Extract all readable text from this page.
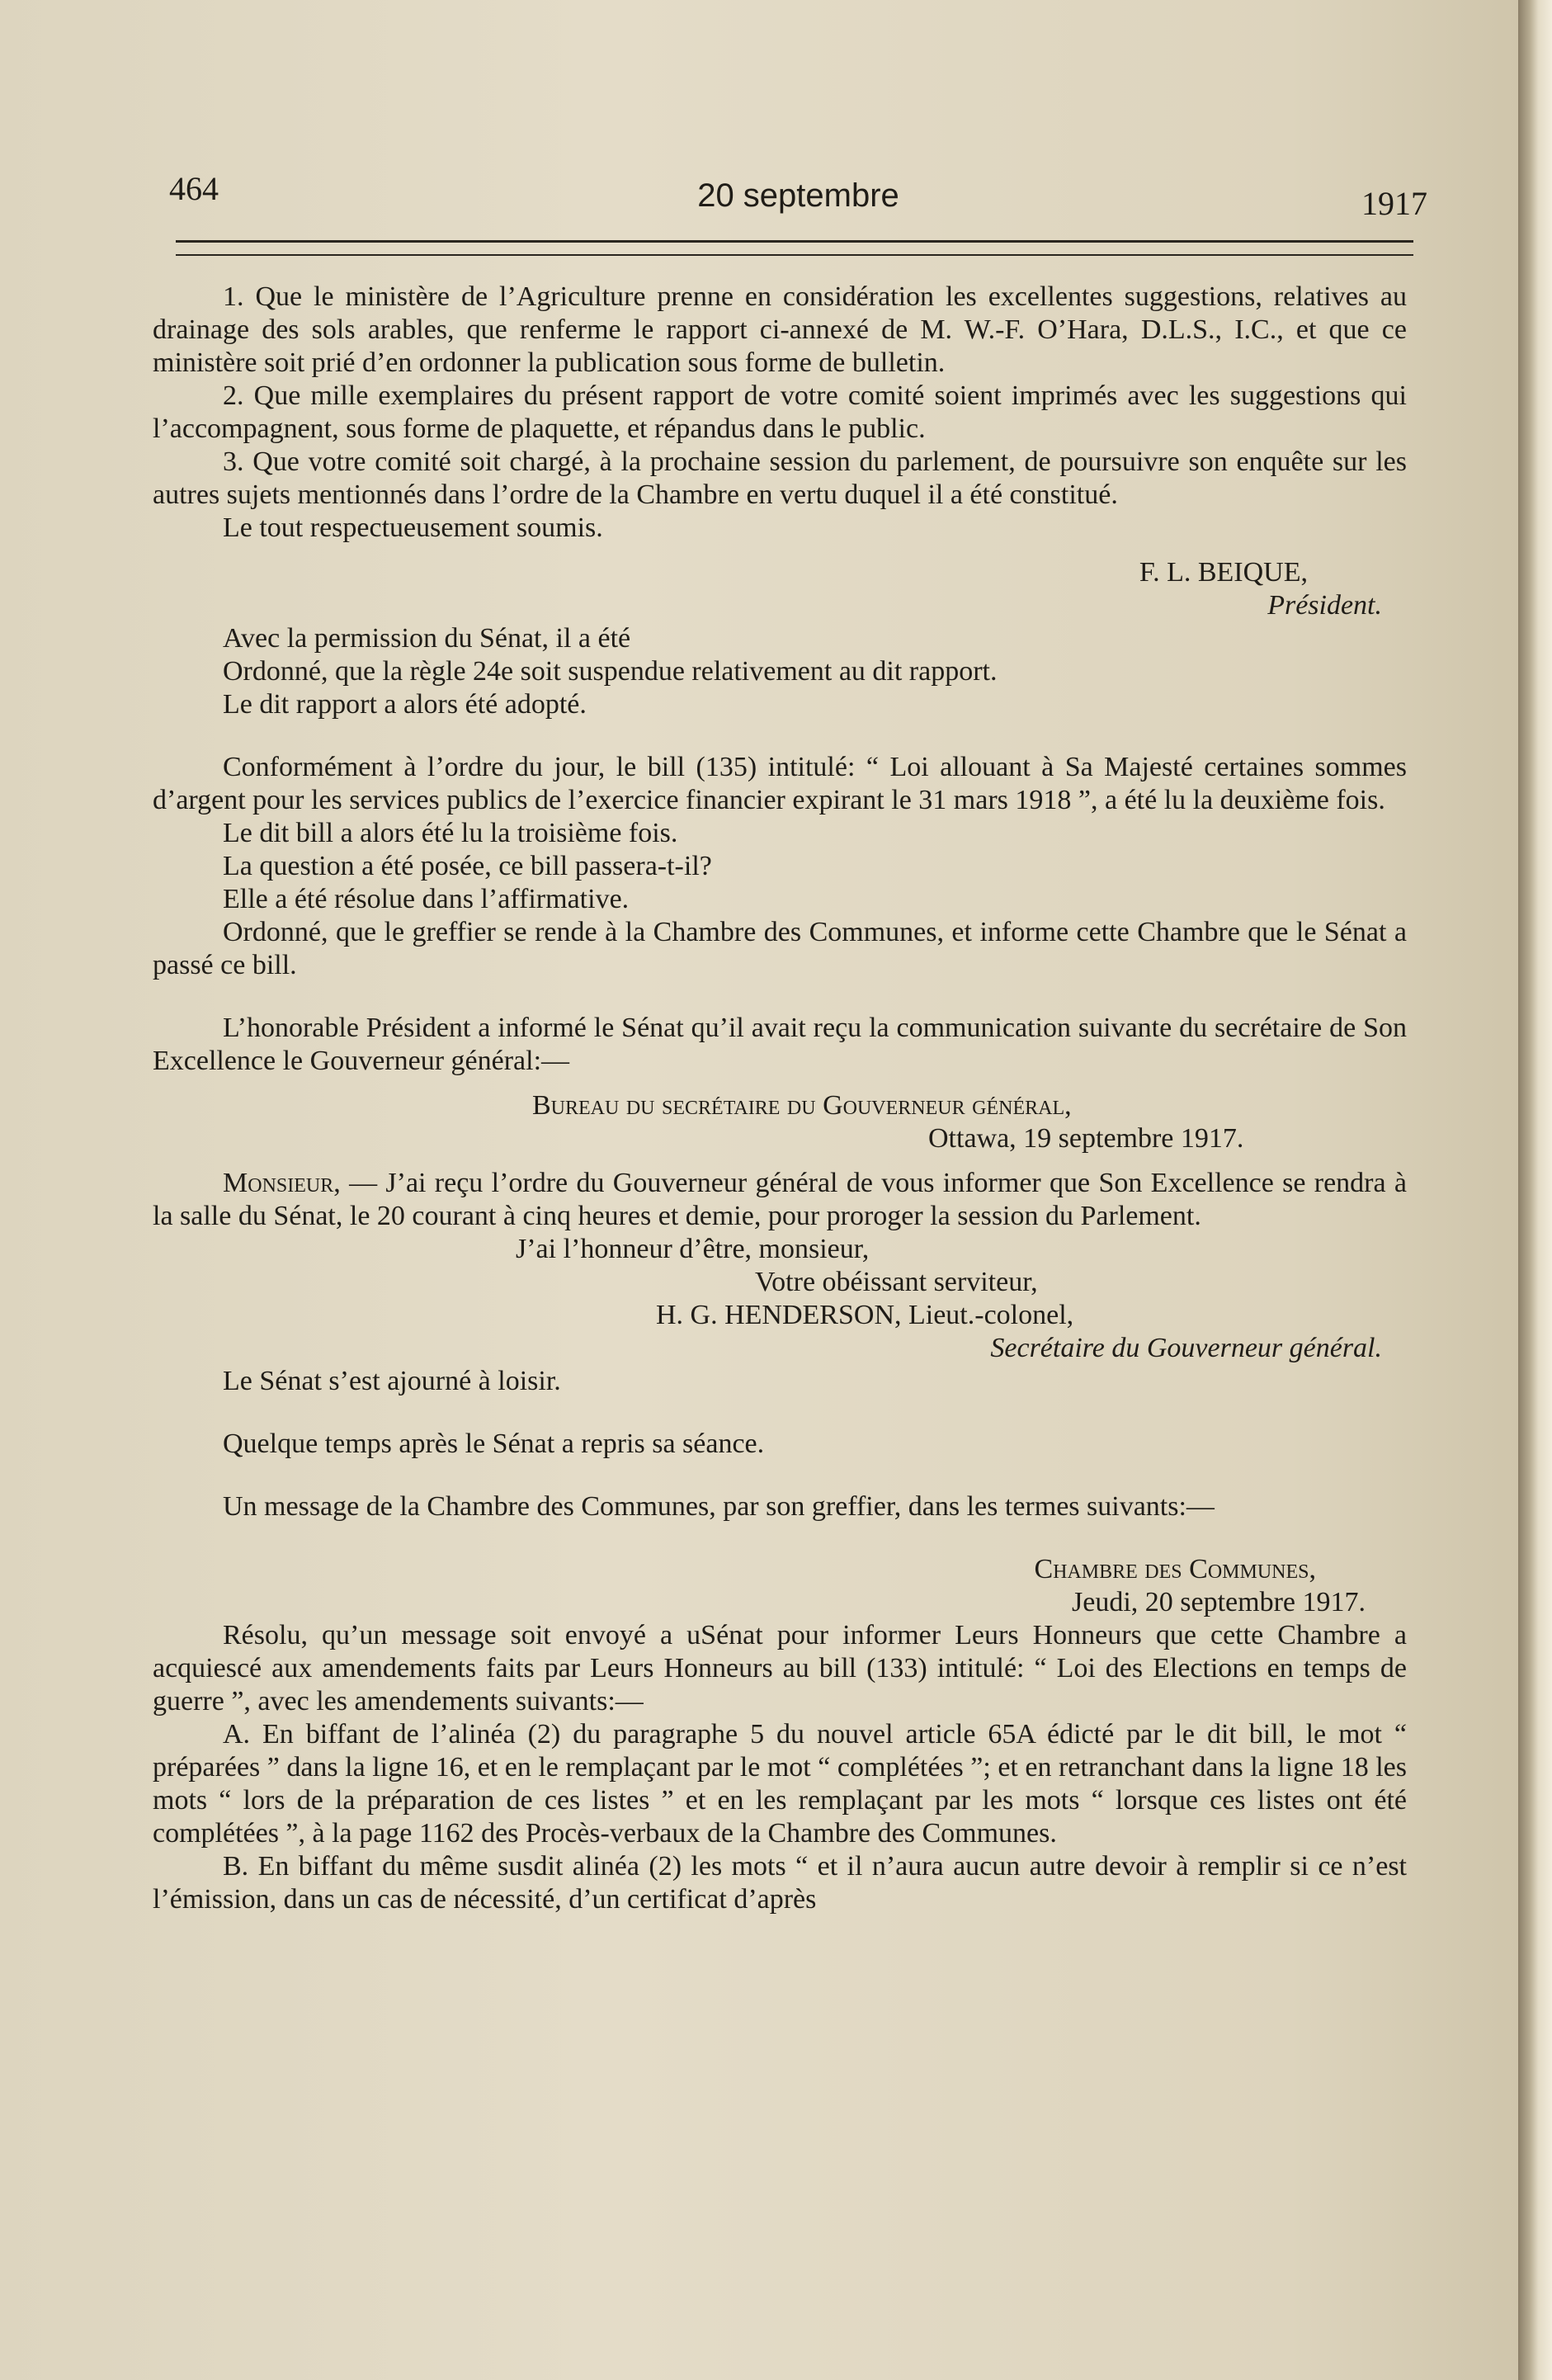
464	20 septembre	1917

1. Que le ministère de l’Agriculture prenne en considération les excellentes suggestions, relatives au drainage des sols arables, que renferme le rapport ci-annexé de M. W.-F. O’Hara, D.L.S., I.C., et que ce ministère soit prié d’en ordonner la publication sous forme de bulletin.

2. Que mille exemplaires du présent rapport de votre comité soient imprimés avec les suggestions qui l’accompagnent, sous forme de plaquette, et répandus dans le public.

3. Que votre comité soit chargé, à la prochaine session du parlement, de poursuivre son enquête sur les autres sujets mentionnés dans l’ordre de la Chambre en vertu duquel il a été constitué.

Le tout respectueusement soumis.

F. L. BEIQUE,

Président.

Avec la permission du Sénat, il a été

Ordonné, que la règle 24e soit suspendue relativement au dit rapport.

Le dit rapport a alors été adopté.

Conformément à l’ordre du jour, le bill (135) intitulé: “ Loi allouant à Sa Majesté certaines sommes d’argent pour les services publics de l’exercice financier expirant le 31 mars 1918 ”, a été lu la deuxième fois.

Le dit bill a alors été lu la troisième fois.

La question a été posée, ce bill passera-t-il?

Elle a été résolue dans l’affirmative.

Ordonné, que le greffier se rende à la Chambre des Communes, et informe cette Chambre que le Sénat a passé ce bill.

L’honorable Président a informé le Sénat qu’il avait reçu la communication suivante du secrétaire de Son Excellence le Gouverneur général:—

Bureau du secrétaire du Gouverneur général,

Ottawa, 19 septembre 1917.

Monsieur, — J’ai reçu l’ordre du Gouverneur général de vous informer que Son Excellence se rendra à la salle du Sénat, le 20 courant à cinq heures et demie, pour proroger la session du Parlement.

J’ai l’honneur d’être, monsieur,

Votre obéissant serviteur,

H. G. HENDERSON, Lieut.-colonel,

Secrétaire du Gouverneur général.

Le Sénat s’est ajourné à loisir.

Quelque temps après le Sénat a repris sa séance.

Un message de la Chambre des Communes, par son greffier, dans les termes suivants:—

Chambre des Communes,

Jeudi, 20 septembre 1917.

Résolu, qu’un message soit envoyé a uSénat pour informer Leurs Honneurs que cette Chambre a acquiescé aux amendements faits par Leurs Honneurs au bill (133) intitulé: “ Loi des Elections en temps de guerre ”, avec les amendements suivants:—

A. En biffant de l’alinéa (2) du paragraphe 5 du nouvel article 65A édicté par le dit bill, le mot “ préparées ” dans la ligne 16, et en le remplaçant par le mot “ complétées ”; et en retranchant dans la ligne 18 les mots “ lors de la préparation de ces listes ” et en les remplaçant par les mots “ lorsque ces listes ont été complétées ”, à la page 1162 des Procès-verbaux de la Chambre des Communes.

B. En biffant du même susdit alinéa (2) les mots “ et il n’aura aucun autre devoir à remplir si ce n’est l’émission, dans un cas de nécessité, d’un certificat d’après
